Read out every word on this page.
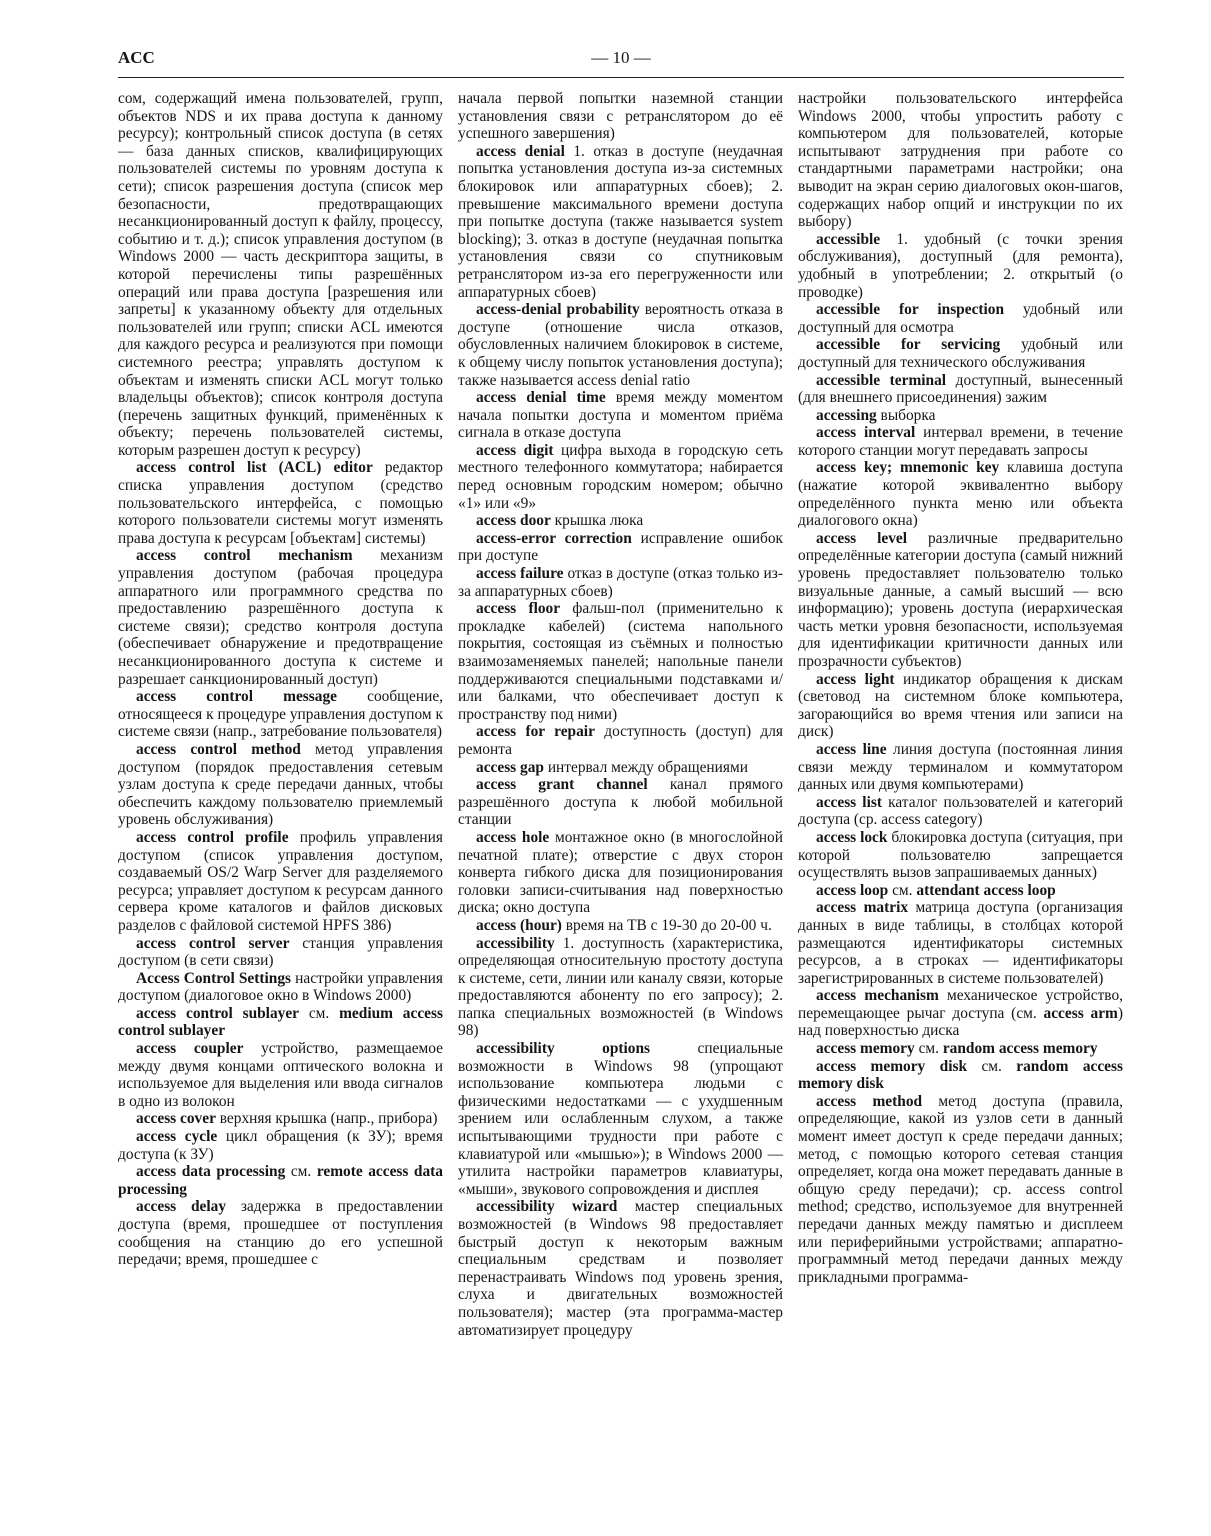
ACC	— 10 —

сом, содержащий имена пользователей, групп, объектов NDS и их права доступа к данному ресурсу); контрольный список доступа (в сетях — база данных списков, квалифицирующих пользователей системы по уровням доступа к сети); список разрешения доступа (список мер безопасности, предотвращающих несанкционированный доступ к файлу, процессу, событию и т. д.); список управления доступом (в Windows 2000 — часть дескриптора защиты, в которой перечислены типы разрешённых операций или права доступа [разрешения или запреты] к указанному объекту для отдельных пользователей или групп; списки ACL имеются для каждого ресурса и реализуются при помощи системного реестра; управлять доступом к объектам и изменять списки ACL могут только владельцы объектов); список контроля доступа (перечень защитных функций, применённых к объекту; перечень пользователей системы, которым разрешен доступ к ресурсу)

access control list (ACL) editor редактор списка управления доступом (средство пользовательского интерфейса, с помощью которого пользователи системы могут изменять права доступа к ресурсам [объектам] системы)

access control mechanism механизм управления доступом (рабочая процедура аппаратного или программного средства по предоставлению разрешённого доступа к системе связи); средство контроля доступа (обеспечивает обнаружение и предотвращение несанкционированного доступа к системе и разрешает санкционированный доступ)

access control message сообщение, относящееся к процедуре управления доступом к системе связи (напр., затребование пользователя)

access control method метод управления доступом (порядок предоставления сетевым узлам доступа к среде передачи данных, чтобы обеспечить каждому пользователю приемлемый уровень обслуживания)

access control profile профиль управления доступом (список управления доступом, создаваемый OS/2 Warp Server для разделяемого ресурса; управляет доступом к ресурсам данного сервера кроме каталогов и файлов дисковых разделов с файловой системой HPFS 386)

access control server станция управления доступом (в сети связи)

Access Control Settings настройки управления доступом (диалоговое окно в Windows 2000)

access control sublayer см. medium access control sublayer

access coupler устройство, размещаемое между двумя концами оптического волокна и используемое для выделения или ввода сигналов в одно из волокон

access cover верхняя крышка (напр., прибора)

access cycle цикл обращения (к ЗУ); время доступа (к ЗУ)

access data processing см. remote access data processing

access delay задержка в предоставлении доступа (время, прошедшее от поступления сообщения на станцию до его успешной передачи; время, прошедшее с

начала первой попытки наземной станции установления связи с ретранслятором до её успешного завершения)

access denial 1. отказ в доступе (неудачная попытка установления доступа из-за системных блокировок или аппаратурных сбоев); 2. превышение максимального времени доступа при попытке доступа (также называется system blocking); 3. отказ в доступе (неудачная попытка установления связи со спутниковым ретранслятором из-за его перегруженности или аппаратурных сбоев)

access-denial probability вероятность отказа в доступе (отношение числа отказов, обусловленных наличием блокировок в системе, к общему числу попыток установления доступа); также называется access denial ratio

access denial time время между моментом начала попытки доступа и моментом приёма сигнала в отказе доступа

access digit цифра выхода в городскую сеть местного телефонного коммутатора; набирается перед основным городским номером; обычно «1» или «9»

access door крышка люка

access-error correction исправление ошибок при доступе

access failure отказ в доступе (отказ только из-за аппаратурных сбоев)

access floor фальш-пол (применительно к прокладке кабелей) (система напольного покрытия, состоящая из съёмных и полностью взаимозаменяемых панелей; напольные панели поддерживаются специальными подставками и/или балками, что обеспечивает доступ к пространству под ними)

access for repair доступность (доступ) для ремонта

access gap интервал между обращениями

access grant channel канал прямого разрешённого доступа к любой мобильной станции

access hole монтажное окно (в многослойной печатной плате); отверстие с двух сторон конверта гибкого диска для позиционирования головки записи-считывания над поверхностью диска; окно доступа

access (hour) время на ТВ с 19-30 до 20-00 ч.

accessibility 1. доступность (характеристика, определяющая относительную простоту доступа к системе, сети, линии или каналу связи, которые предоставляются абоненту по его запросу); 2. папка специальных возможностей (в Windows 98)

accessibility options специальные возможности в Windows 98 (упрощают использование компьютера людьми с физическими недостатками — с ухудшенным зрением или ослабленным слухом, а также испытывающими трудности при работе с клавиатурой или «мышью»); в Windows 2000 — утилита настройки параметров клавиатуры, «мыши», звукового сопровождения и дисплея

accessibility wizard мастер специальных возможностей (в Windows 98 предоставляет быстрый доступ к некоторым важным специальным средствам и позволяет перенастраивать Windows под уровень зрения, слуха и двигательных возможностей пользователя); мастер (эта программа-мастер автоматизирует процедуру

настройки пользовательского интерфейса Windows 2000, чтобы упростить работу с компьютером для пользователей, которые испытывают затруднения при работе со стандартными параметрами настройки; она выводит на экран серию диалоговых окон-шагов, содержащих набор опций и инструкции по их выбору)

accessible 1. удобный (с точки зрения обслуживания), доступный (для ремонта), удобный в употреблении; 2. открытый (о проводке)

accessible for inspection удобный или доступный для осмотра

accessible for servicing удобный или доступный для технического обслуживания

accessible terminal доступный, вынесенный (для внешнего присоединения) зажим

accessing выборка

access interval интервал времени, в течение которого станции могут передавать запросы

access key; mnemonic key клавиша доступа (нажатие которой эквивалентно выбору определённого пункта меню или объекта диалогового окна)

access level различные предварительно определённые категории доступа (самый нижний уровень предоставляет пользователю только визуальные данные, а самый высший — всю информацию); уровень доступа (иерархическая часть метки уровня безопасности, используемая для идентификации критичности данных или прозрачности субъектов)

access light индикатор обращения к дискам (световод на системном блоке компьютера, загорающийся во время чтения или записи на диск)

access line линия доступа (постоянная линия связи между терминалом и коммутатором данных или двумя компьютерами)

access list каталог пользователей и категорий доступа (ср. access category)

access lock блокировка доступа (ситуация, при которой пользователю запрещается осуществлять вызов запрашиваемых данных)

access loop см. attendant access loop

access matrix матрица доступа (организация данных в виде таблицы, в столбцах которой размещаются идентификаторы системных ресурсов, а в строках — идентификаторы зарегистрированных в системе пользователей)

access mechanism механическое устройство, перемещающее рычаг доступа (см. access arm) над поверхностью диска

access memory см. random access memory

access memory disk см. random access memory disk

access method метод доступа (правила, определяющие, какой из узлов сети в данный момент имеет доступ к среде передачи данных; метод, с помощью которого сетевая станция определяет, когда она может передавать данные в общую среду передачи); ср. access control method; средство, используемое для внутренней передачи данных между памятью и дисплеем или периферийными устройствами; аппаратно-программный метод передачи данных между прикладными программа-
